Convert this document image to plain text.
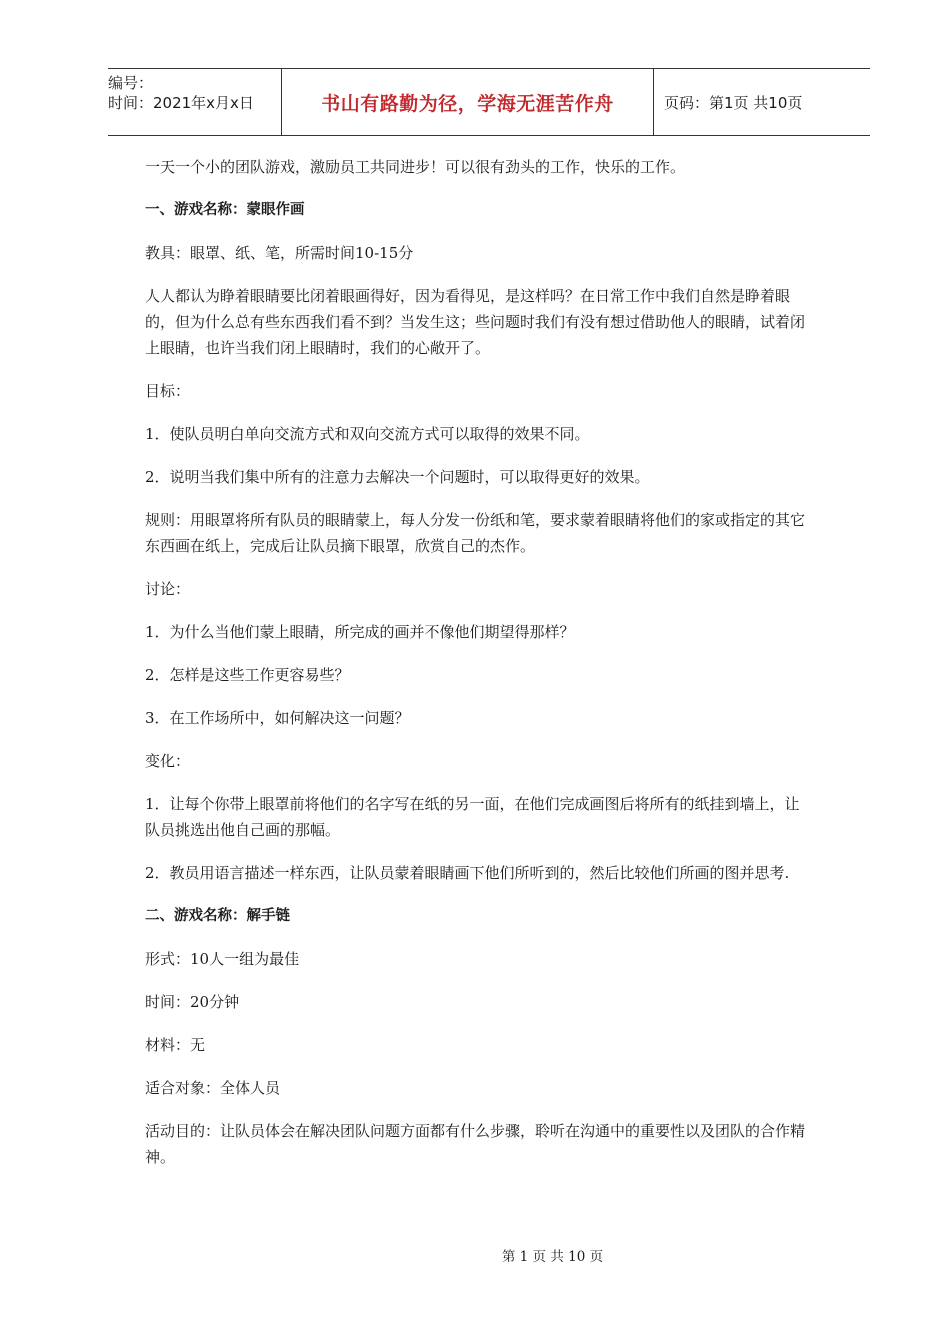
编号：
时间：2021年x月x日	书山有路勤为径，学海无涯苦作舟	页码：第1页 共10页

一天一个小的团队游戏，激励员工共同进步！可以很有劲头的工作，快乐的工作。

一、游戏名称：蒙眼作画

教具：眼罩、纸、笔，所需时间10-15分

人人都认为睁着眼睛要比闭着眼画得好，因为看得见，是这样吗？在日常工作中我们自然是睁着眼的，但为什么总有些东西我们看不到？当发生这；些问题时我们有没有想过借助他人的眼睛，试着闭上眼睛，也许当我们闭上眼睛时，我们的心敞开了。

目标：

1．使队员明白单向交流方式和双向交流方式可以取得的效果不同。

2．说明当我们集中所有的注意力去解决一个问题时，可以取得更好的效果。

规则：用眼罩将所有队员的眼睛蒙上，每人分发一份纸和笔，要求蒙着眼睛将他们的家或指定的其它东西画在纸上，完成后让队员摘下眼罩，欣赏自己的杰作。

讨论：

1．为什么当他们蒙上眼睛，所完成的画并不像他们期望得那样？

2．怎样是这些工作更容易些？

3．在工作场所中，如何解决这一问题？

变化：

1．让每个你带上眼罩前将他们的名字写在纸的另一面，在他们完成画图后将所有的纸挂到墙上，让队员挑选出他自己画的那幅。

2．教员用语言描述一样东西，让队员蒙着眼睛画下他们所听到的，然后比较他们所画的图并思考.

二、游戏名称：解手链

形式：10人一组为最佳

时间：20分钟

材料：无

适合对象：全体人员

活动目的：让队员体会在解决团队问题方面都有什么步骤，聆听在沟通中的重要性以及团队的合作精神。

第 1 页 共 10 页
